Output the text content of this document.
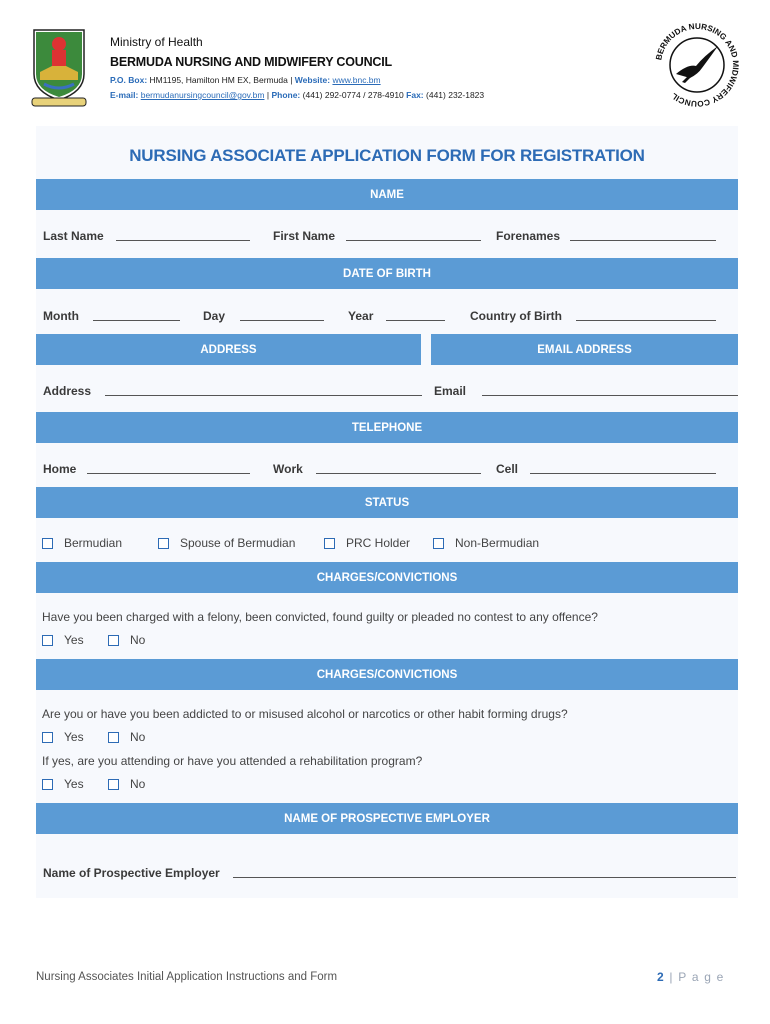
Ministry of Health
BERMUDA NURSING AND MIDWIFERY COUNCIL
P.O. Box: HM1195, Hamilton HM EX, Bermuda | Website: www.bnc.bm
E-mail: bermudanursingcouncil@gov.bm | Phone: (441) 292-0774 / 278-4910 Fax: (441) 232-1823
BERMUDA NURSING AND MIDWIFERY COUNCIL
NURSING ASSOCIATE APPLICATION FORM FOR REGISTRATION
NAME
Last Name	First Name	Forenames
DATE OF BIRTH
Month	Day	Year	Country of Birth
ADDRESS	EMAIL ADDRESS
Address	Email
TELEPHONE
Home	Work	Cell
STATUS
Bermudian	Spouse of Bermudian	PRC Holder	Non-Bermudian
CHARGES/CONVICTIONS
Have you been charged with a felony, been convicted, found guilty or pleaded no contest to any offence?
Yes	No
CHARGES/CONVICTIONS
Are you or have you been addicted to or misused alcohol or narcotics or other habit forming drugs?
Yes	No
If yes, are you attending or have you attended a rehabilitation program?
Yes	No
NAME OF PROSPECTIVE EMPLOYER
Name of Prospective Employer
Nursing Associates Initial Application Instructions and Form	2 | P a g e
